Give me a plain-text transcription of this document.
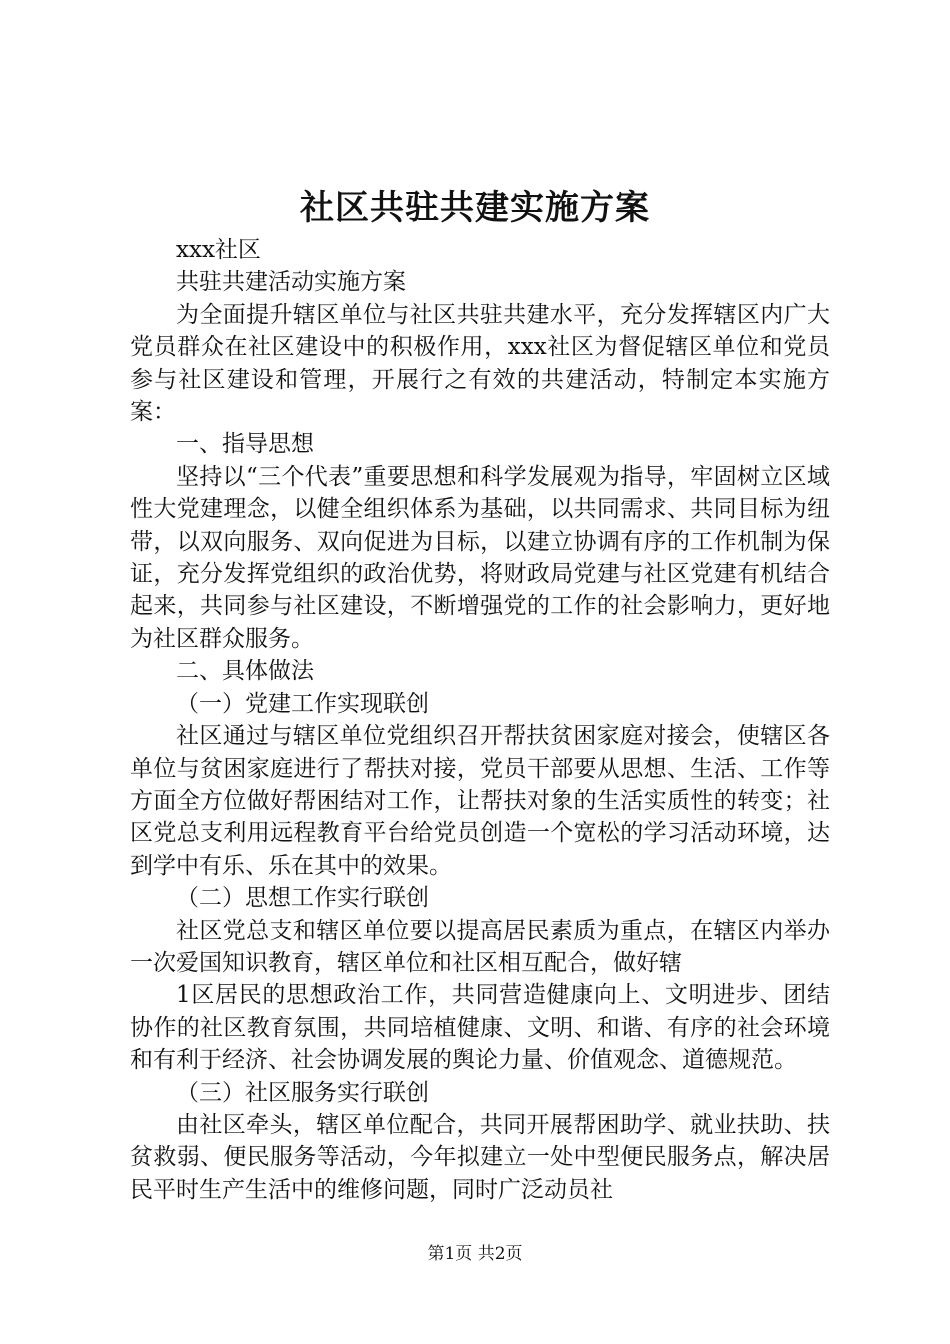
社区共驻共建实施方案

xxx社区

共驻共建活动实施方案

为全面提升辖区单位与社区共驻共建水平，充分发挥辖区内广大党员群众在社区建设中的积极作用，xxx社区为督促辖区单位和党员参与社区建设和管理，开展行之有效的共建活动，特制定本实施方案：

一、指导思想

坚持以“三个代表”重要思想和科学发展观为指导，牢固树立区域性大党建理念，以健全组织体系为基础，以共同需求、共同目标为纽带，以双向服务、双向促进为目标，以建立协调有序的工作机制为保证，充分发挥党组织的政治优势，将财政局党建与社区党建有机结合起来，共同参与社区建设，不断增强党的工作的社会影响力，更好地为社区群众服务。

二、具体做法

（一）党建工作实现联创

社区通过与辖区单位党组织召开帮扶贫困家庭对接会，使辖区各单位与贫困家庭进行了帮扶对接，党员干部要从思想、生活、工作等方面全方位做好帮困结对工作，让帮扶对象的生活实质性的转变；社区党总支利用远程教育平台给党员创造一个宽松的学习活动环境，达到学中有乐、乐在其中的效果。

（二）思想工作实行联创

社区党总支和辖区单位要以提高居民素质为重点，在辖区内举办一次爱国知识教育，辖区单位和社区相互配合，做好辖

1区居民的思想政治工作，共同营造健康向上、文明进步、团结协作的社区教育氛围，共同培植健康、文明、和谐、有序的社会环境和有利于经济、社会协调发展的舆论力量、价值观念、道德规范。

（三）社区服务实行联创

由社区牵头，辖区单位配合，共同开展帮困助学、就业扶助、扶贫救弱、便民服务等活动，今年拟建立一处中型便民服务点，解决居民平时生产生活中的维修问题，同时广泛动员社

第1页 共2页
